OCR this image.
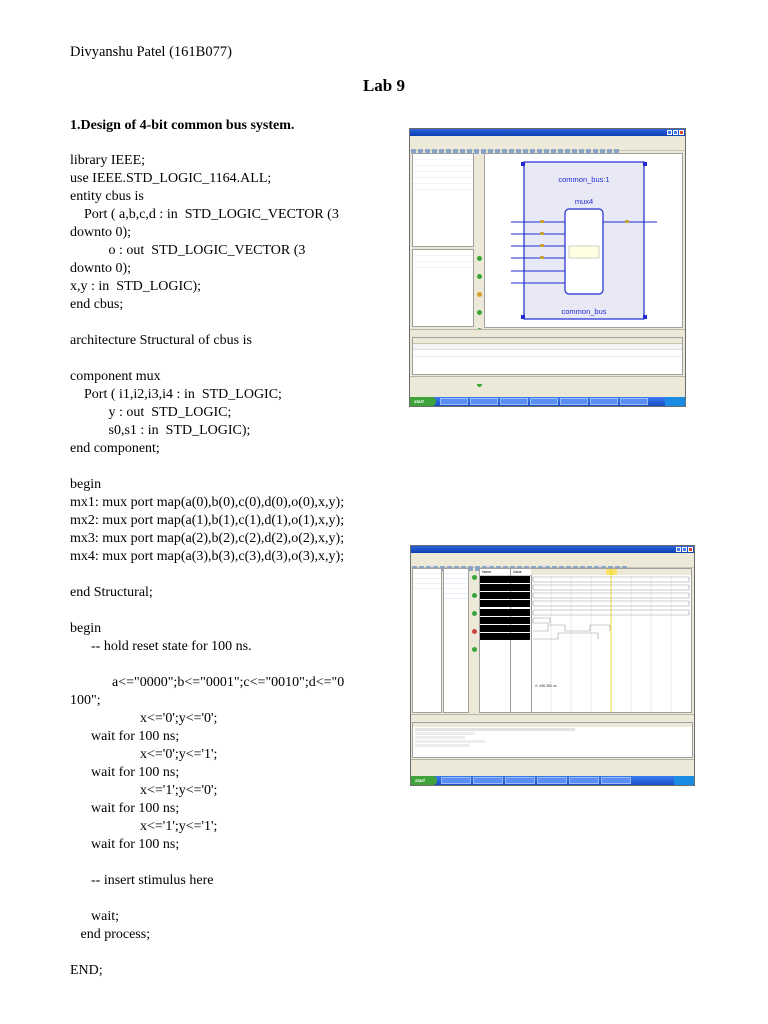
Divyanshu Patel (161B077)
Lab 9
1.Design of 4-bit common bus system.
library IEEE;
use IEEE.STD_LOGIC_1164.ALL;
entity cbus is
Port ( a,b,c,d : in  STD_LOGIC_VECTOR (3
downto 0);
o : out  STD_LOGIC_VECTOR (3
downto 0);
x,y : in  STD_LOGIC);
end cbus;
architecture Structural of cbus is
component mux
Port ( i1,i2,i3,i4 : in  STD_LOGIC;
y : out  STD_LOGIC;
s0,s1 : in  STD_LOGIC);
end component;
begin
mx1: mux port map(a(0),b(0),c(0),d(0),o(0),x,y);
mx2: mux port map(a(1),b(1),c(1),d(1),o(1),x,y);
mx3: mux port map(a(2),b(2),c(2),d(2),o(2),x,y);
mx4: mux port map(a(3),b(3),c(3),d(3),o(3),x,y);
end Structural;
begin
-- hold reset state for 100 ns.
a<="0000";b<="0001";c<="0010";d<="0
100";
x<='0';y<='0';
wait for 100 ns;
x<='0';y<='1';
wait for 100 ns;
x<='1';y<='0';
wait for 100 ns;
x<='1';y<='1';
wait for 100 ns;
-- insert stimulus here
wait;
end process;
END;
common_bus:1
mux4
common_bus
start
Name	Value
X: 436,350 ns
start
